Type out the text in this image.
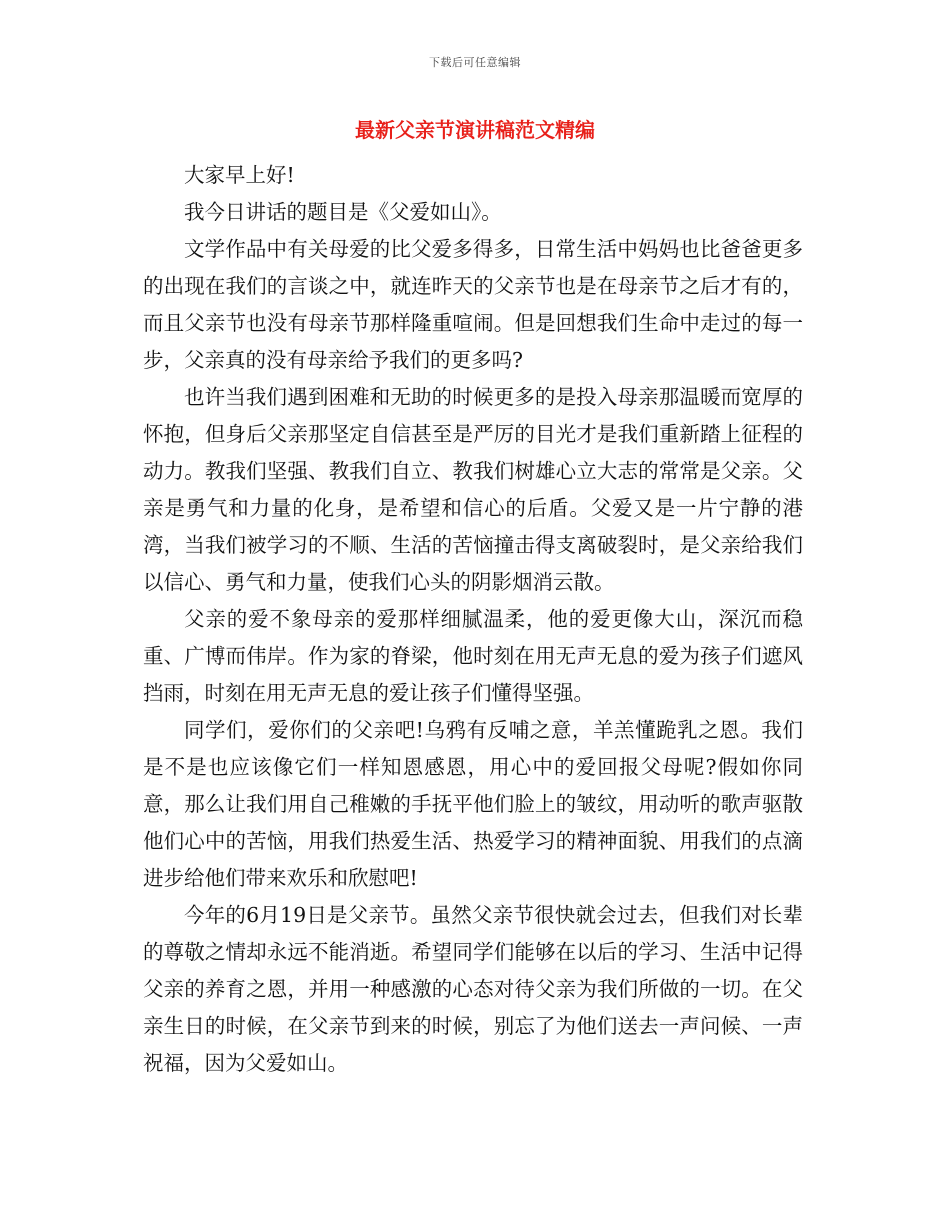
下载后可任意编辑
最新父亲节演讲稿范文精编

大家早上好!

我今日讲话的题目是《父爱如山》。

文学作品中有关母爱的比父爱多得多，日常生活中妈妈也比爸爸更多的出现在我们的言谈之中，就连昨天的父亲节也是在母亲节之后才有的，而且父亲节也没有母亲节那样隆重喧闹。但是回想我们生命中走过的每一步，父亲真的没有母亲给予我们的更多吗?

也许当我们遇到困难和无助的时候更多的是投入母亲那温暖而宽厚的怀抱，但身后父亲那坚定自信甚至是严厉的目光才是我们重新踏上征程的动力。教我们坚强、教我们自立、教我们树雄心立大志的常常是父亲。父亲是勇气和力量的化身，是希望和信心的后盾。父爱又是一片宁静的港湾，当我们被学习的不顺、生活的苦恼撞击得支离破裂时，是父亲给我们以信心、勇气和力量，使我们心头的阴影烟消云散。

父亲的爱不象母亲的爱那样细腻温柔，他的爱更像大山，深沉而稳重、广博而伟岸。作为家的脊梁，他时刻在用无声无息的爱为孩子们遮风挡雨，时刻在用无声无息的爱让孩子们懂得坚强。

同学们，爱你们的父亲吧!乌鸦有反哺之意，羊羔懂跪乳之恩。我们是不是也应该像它们一样知恩感恩，用心中的爱回报父母呢?假如你同意，那么让我们用自己稚嫩的手抚平他们脸上的皱纹，用动听的歌声驱散他们心中的苦恼，用我们热爱生活、热爱学习的精神面貌、用我们的点滴进步给他们带来欢乐和欣慰吧!

今年的6月19日是父亲节。虽然父亲节很快就会过去，但我们对长辈的尊敬之情却永远不能消逝。希望同学们能够在以后的学习、生活中记得父亲的养育之恩，并用一种感激的心态对待父亲为我们所做的一切。在父亲生日的时候，在父亲节到来的时候，别忘了为他们送去一声问候、一声祝福，因为父爱如山。
